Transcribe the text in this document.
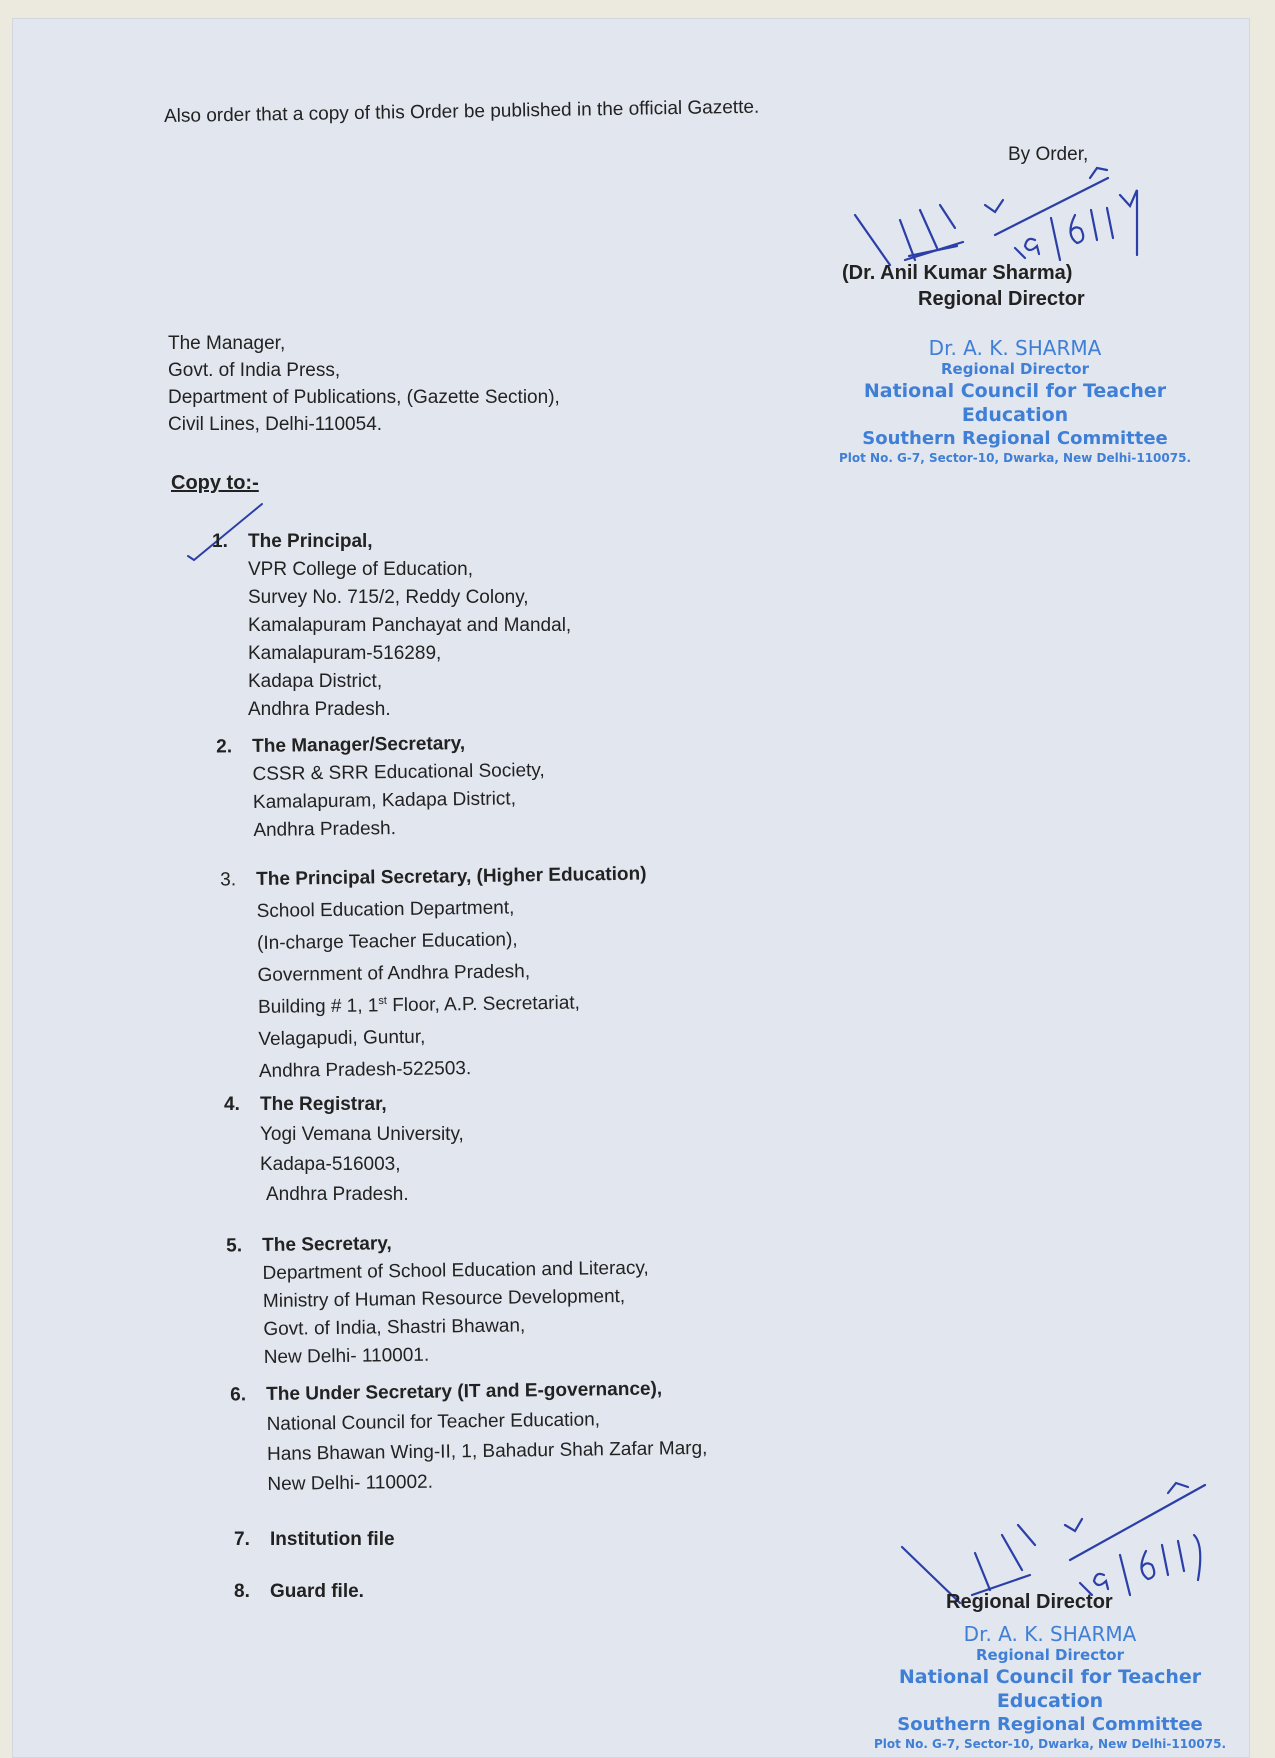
Also order that a copy of this Order be published in the official Gazette.
By Order,
(Dr. Anil Kumar Sharma)
Regional Director
The Manager,
Govt. of India Press,
Department of Publications, (Gazette Section),
Civil Lines, Delhi-110054.
Dr. A. K. SHARMA
Regional Director
National Council for Teacher Education
Southern Regional Committee
Plot No. G-7, Sector-10, Dwarka, New Delhi-110075.
Copy to:-
1. The Principal,
VPR College of Education,
Survey No. 715/2, Reddy Colony,
Kamalapuram Panchayat and Mandal,
Kamalapuram-516289,
Kadapa District,
Andhra Pradesh.
2. The Manager/Secretary,
CSSR & SRR Educational Society,
Kamalapuram, Kadapa District,
Andhra Pradesh.
3. The Principal Secretary, (Higher Education)
School Education Department,
(In-charge Teacher Education),
Government of Andhra Pradesh,
Building # 1, 1st Floor, A.P. Secretariat,
Velagapudi, Guntur,
Andhra Pradesh-522503.
4. The Registrar,
Yogi Vemana University,
Kadapa-516003,
Andhra Pradesh.
5. The Secretary,
Department of School Education and Literacy,
Ministry of Human Resource Development,
Govt. of India, Shastri Bhawan,
New Delhi- 110001.
6. The Under Secretary (IT and E-governance),
National Council for Teacher Education,
Hans Bhawan Wing-II, 1, Bahadur Shah Zafar Marg,
New Delhi- 110002.
7. Institution file
8. Guard file.	Regional Director
Dr. A. K. SHARMA
Regional Director
National Council for Teacher Education
Southern Regional Committee
Plot No. G-7, Sector-10, Dwarka, New Delhi-110075.
